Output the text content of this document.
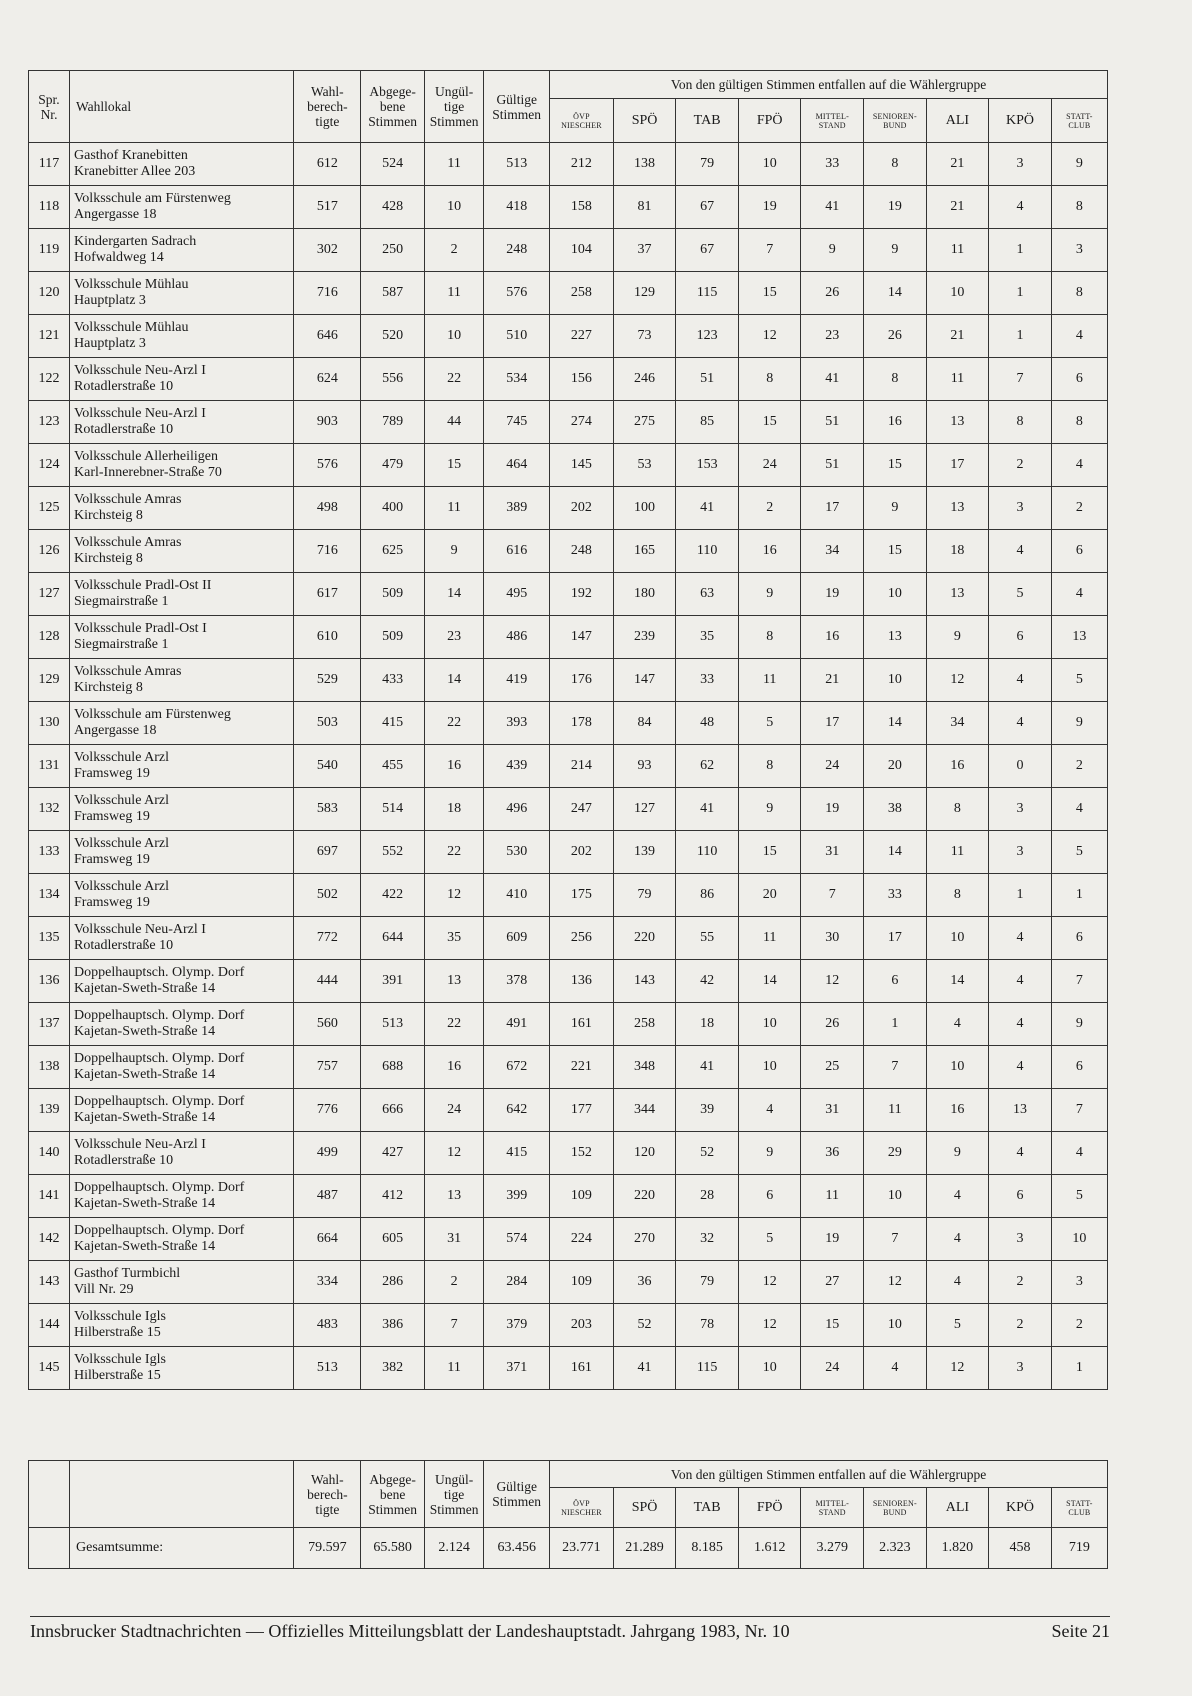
Spr.
Nr.	Wahllokal	Wahl-
berech-
tigte	Abgege-
bene
Stimmen	Ungül-
tige
Stimmen	Gültige
Stimmen	Von den gültigen Stimmen entfallen auf die Wählergruppe								
						ÖVP
NIESCHER	SPÖ	TAB	FPÖ	MITTEL-
STAND	SENIOREN-
BUND	ALI	KPÖ	STATT-
CLUB
117	Gasthof Kranebitten
Kranebitter Allee 203	612	524	11	513	212	138	79	10	33	8	21	3	9
118	Volksschule am Fürstenweg
Angergasse 18	517	428	10	418	158	81	67	19	41	19	21	4	8
119	Kindergarten Sadrach
Hofwaldweg 14	302	250	2	248	104	37	67	7	9	9	11	1	3
120	Volksschule Mühlau
Hauptplatz 3	716	587	11	576	258	129	115	15	26	14	10	1	8
121	Volksschule Mühlau
Hauptplatz 3	646	520	10	510	227	73	123	12	23	26	21	1	4
122	Volksschule Neu-Arzl I
Rotadlerstraße 10	624	556	22	534	156	246	51	8	41	8	11	7	6
123	Volksschule Neu-Arzl I
Rotadlerstraße 10	903	789	44	745	274	275	85	15	51	16	13	8	8
124	Volksschule Allerheiligen
Karl-Innerebner-Straße 70	576	479	15	464	145	53	153	24	51	15	17	2	4
125	Volksschule Amras
Kirchsteig 8	498	400	11	389	202	100	41	2	17	9	13	3	2
126	Volksschule Amras
Kirchsteig 8	716	625	9	616	248	165	110	16	34	15	18	4	6
127	Volksschule Pradl-Ost II
Siegmairstraße 1	617	509	14	495	192	180	63	9	19	10	13	5	4
128	Volksschule Pradl-Ost I
Siegmairstraße 1	610	509	23	486	147	239	35	8	16	13	9	6	13
129	Volksschule Amras
Kirchsteig 8	529	433	14	419	176	147	33	11	21	10	12	4	5
130	Volksschule am Fürstenweg
Angergasse 18	503	415	22	393	178	84	48	5	17	14	34	4	9
131	Volksschule Arzl
Framsweg 19	540	455	16	439	214	93	62	8	24	20	16	0	2
132	Volksschule Arzl
Framsweg 19	583	514	18	496	247	127	41	9	19	38	8	3	4
133	Volksschule Arzl
Framsweg 19	697	552	22	530	202	139	110	15	31	14	11	3	5
134	Volksschule Arzl
Framsweg 19	502	422	12	410	175	79	86	20	7	33	8	1	1
135	Volksschule Neu-Arzl I
Rotadlerstraße 10	772	644	35	609	256	220	55	11	30	17	10	4	6
136	Doppelhauptsch. Olymp. Dorf
Kajetan-Sweth-Straße 14	444	391	13	378	136	143	42	14	12	6	14	4	7
137	Doppelhauptsch. Olymp. Dorf
Kajetan-Sweth-Straße 14	560	513	22	491	161	258	18	10	26	1	4	4	9
138	Doppelhauptsch. Olymp. Dorf
Kajetan-Sweth-Straße 14	757	688	16	672	221	348	41	10	25	7	10	4	6
139	Doppelhauptsch. Olymp. Dorf
Kajetan-Sweth-Straße 14	776	666	24	642	177	344	39	4	31	11	16	13	7
140	Volksschule Neu-Arzl I
Rotadlerstraße 10	499	427	12	415	152	120	52	9	36	29	9	4	4
141	Doppelhauptsch. Olymp. Dorf
Kajetan-Sweth-Straße 14	487	412	13	399	109	220	28	6	11	10	4	6	5
142	Doppelhauptsch. Olymp. Dorf
Kajetan-Sweth-Straße 14	664	605	31	574	224	270	32	5	19	7	4	3	10
143	Gasthof Turmbichl
Vill Nr. 29	334	286	2	284	109	36	79	12	27	12	4	2	3
144	Volksschule Igls
Hilberstraße 15	483	386	7	379	203	52	78	12	15	10	5	2	2
145	Volksschule Igls
Hilberstraße 15	513	382	11	371	161	41	115	10	24	4	12	3	1
		Wahl-
berech-
tigte	Abgege-
bene
Stimmen	Ungül-
tige
Stimmen	Gültige
Stimmen	Von den gültigen Stimmen entfallen auf die Wählergruppe								
						ÖVP
NIESCHER	SPÖ	TAB	FPÖ	MITTEL-
STAND	SENIOREN-
BUND	ALI	KPÖ	STATT-
CLUB
	Gesamtsumme:	79.597	65.580	2.124	63.456	23.771	21.289	8.185	1.612	3.279	2.323	1.820	458	719
Innsbrucker Stadtnachrichten — Offizielles Mitteilungsblatt der Landeshauptstadt. Jahrgang 1983, Nr. 10	Seite 21
